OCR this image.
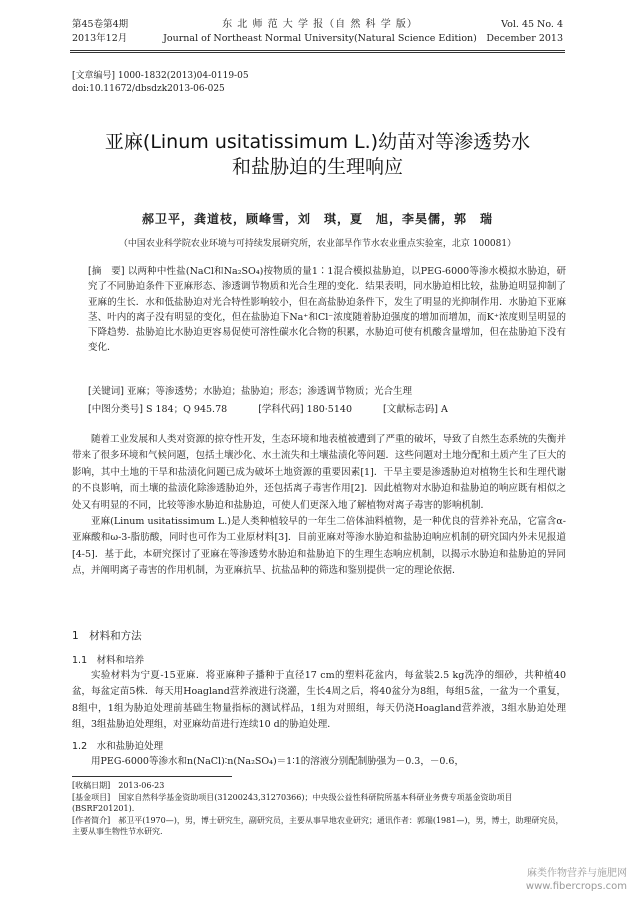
第45卷第4期
2013年12月
东 北 师 范 大 学 报（自 然 科 学 版）
Journal of Northeast Normal University(Natural Science Edition)
Vol. 45 No. 4
December 2013
[文章编号] 1000-1832(2013)04-0119-05
doi:10.11672/dbsdzk2013-06-025
亚麻(Linum usitatissimum L.)幼苗对等渗透势水
和盐胁迫的生理响应
郝卫平，龚道枝，顾峰雪，刘　琪，夏　旭，李昊儒，郭　瑞
（中国农业科学院农业环境与可持续发展研究所，农业部旱作节水农业重点实验室，北京 100081）

[摘　要] 以两种中性盐(NaCl和Na₂SO₄)按物质的量1∶1混合模拟盐胁迫，以PEG-6000等渗水模拟水胁迫，研究了不同胁迫条件下亚麻形态、渗透调节物质和光合生理的变化．结果表明，同水胁迫相比较，盐胁迫明显抑制了亚麻的生长．水和低盐胁迫对光合特性影响较小，但在高盐胁迫条件下，发生了明显的光抑制作用．水胁迫下亚麻茎、叶内的离子没有明显的变化，但在盐胁迫下Na⁺和Cl⁻浓度随着胁迫强度的增加而增加，而K⁺浓度则呈明显的下降趋势．盐胁迫比水胁迫更容易促使可溶性碳水化合物的积累，水胁迫可使有机酸含量增加，但在盐胁迫下没有变化．

[关键词] 亚麻；等渗透势；水胁迫；盐胁迫；形态；渗透调节物质；光合生理
[中图分类号] S 184；Q 945.78	[学科代码] 180·5140	[文献标志码] A

随着工业发展和人类对资源的掠夺性开发，生态环境和地表植被遭到了严重的破坏，导致了自然生态系统的失衡并带来了很多环境和气候问题，包括土壤沙化、水土流失和土壤盐渍化等问题．这些问题对土地分配和土质产生了巨大的影响，其中土地的干旱和盐渍化问题已成为破坏土地资源的重要因素[1]．干旱主要是渗透胁迫对植物生长和生理代谢的不良影响，而土壤的盐渍化除渗透胁迫外，还包括离子毒害作用[2]．因此植物对水胁迫和盐胁迫的响应既有相似之处又有明显的不同，比较等渗水胁迫和盐胁迫，可使人们更深入地了解植物对离子毒害的影响机制．

亚麻(Linum usitatissimum L.)是人类种植较早的一年生二倍体油料植物，是一种优良的营养补充品，它富含α-亚麻酸和ω-3-脂肪酸，同时也可作为工业原材料[3]．目前亚麻对等渗水胁迫和盐胁迫响应机制的研究国内外未见报道[4-5]．基于此，本研究探讨了亚麻在等渗透势水胁迫和盐胁迫下的生理生态响应机制，以揭示水胁迫和盐胁迫的异同点，并阐明离子毒害的作用机制，为亚麻抗旱、抗盐品种的筛选和鉴别提供一定的理论依据．

1　材料和方法
1.1　材料和培养

实验材料为宁夏-15亚麻．将亚麻种子播种于直径17 cm的塑料花盆内，每盆装2.5 kg洗净的细砂，共种植40盆，每盆定苗5株．每天用Hoagland营养液进行浇灌，生长4周之后，将40盆分为8组，每组5盆，一盆为一个重复，8组中，1组为胁迫处理前基础生物量指标的测试样品，1组为对照组，每天仍浇Hoagland营养液，3组水胁迫处理组，3组盐胁迫处理组，对亚麻幼苗进行连续10 d的胁迫处理．

1.2　水和盐胁迫处理

用PEG-6000等渗水和n(NaCl)∶n(Na₂SO₄)＝1∶1的溶液分别配制胁强为－0.3，－0.6，

[收稿日期]　2013-06-23
[基金项目]　国家自然科学基金资助项目(31200243,31270366)；中央级公益性科研院所基本科研业务费专项基金资助项目(BSRF201201).
[作者简介]　郝卫平(1970—)，男，博士研究生，副研究员，主要从事旱地农业研究；通讯作者：郭瑞(1981—)，男，博士，助理研究员，主要从事生物性节水研究.
麻类作物营养与施肥网
www.fibercrops.com
